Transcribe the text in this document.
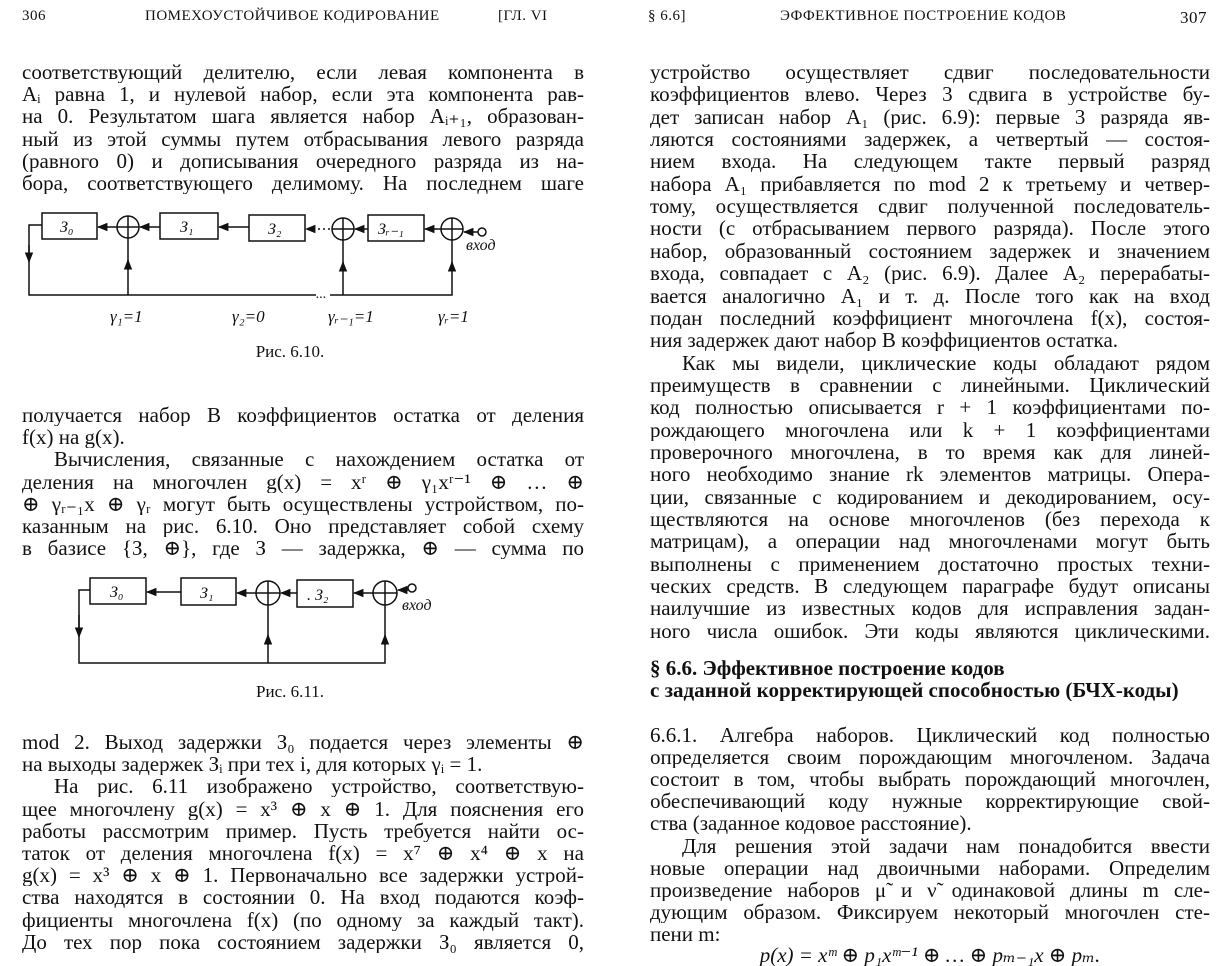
306	ПОМЕХОУСТОЙЧИВОЕ КОДИРОВАНИЕ	[ГЛ. VI
соответствующий делителю, если левая компонента в
Aᵢ равна 1, и нулевой набор, если эта компонента рав-
на 0. Результатом шага является набор Aᵢ₊₁, образован-
ный из этой суммы путем отбрасывания левого разряда
(равного 0) и дописывания очередного разряда из на-
бора, соответствующего делимому. На последнем шаге
З₀	З₁	З₂	Зᵣ₋₁
вход
...
γ₁=1	γ₂=0	γᵣ₋₁=1	γᵣ=1
Рис. 6.10.
получается набор B коэффициентов остатка от деления
f(x) на g(x).
Вычисления, связанные с нахождением остатка от
деления на многочлен g(x) = xʳ ⊕ γ₁xʳ⁻¹ ⊕ … ⊕
⊕ γᵣ₋₁x ⊕ γᵣ могут быть осуществлены устройством, по-
казанным на рис. 6.10. Оно представляет собой схему
в базисе {З, ⊕}, где З — задержка, ⊕ — сумма по
З₀	З₁	. З₂
вход
Рис. 6.11.
mod 2. Выход задержки З₀ подается через элементы ⊕
на выходы задержек Зᵢ при тех i, для которых γᵢ = 1.
На рис. 6.11 изображено устройство, соответствую-
щее многочлену g(x) = x³ ⊕ x ⊕ 1. Для пояснения его
работы рассмотрим пример. Пусть требуется найти ос-
таток от деления многочлена f(x) = x⁷ ⊕ x⁴ ⊕ x на
g(x) = x³ ⊕ x ⊕ 1. Первоначально все задержки устрой-
ства находятся в состоянии 0. На вход подаются коэф-
фициенты многочлена f(x) (по одному за каждый такт).
До тех пор пока состоянием задержки З₀ является 0,
§ 6.6]	ЭФФЕКТИВНОЕ ПОСТРОЕНИЕ КОДОВ	307
устройство осуществляет сдвиг последовательности
коэффициентов влево. Через 3 сдвига в устройстве бу-
дет записан набор A₁ (рис. 6.9): первые 3 разряда яв-
ляются состояниями задержек, а четвертый — состоя-
нием входа. На следующем такте первый разряд
набора A₁ прибавляется по mod 2 к третьему и четвер-
тому, осуществляется сдвиг полученной последователь-
ности (с отбрасыванием первого разряда). После этого
набор, образованный состоянием задержек и значением
входа, совпадает с A₂ (рис. 6.9). Далее A₂ перерабаты-
вается аналогично A₁ и т. д. После того как на вход
подан последний коэффициент многочлена f(x), состоя-
ния задержек дают набор B коэффициентов остатка.
Как мы видели, циклические коды обладают рядом
преимуществ в сравнении с линейными. Циклический
код полностью описывается r + 1 коэффициентами по-
рождающего многочлена или k + 1 коэффициентами
проверочного многочлена, в то время как для линей-
ного необходимо знание rk элементов матрицы. Опера-
ции, связанные с кодированием и декодированием, осу-
ществляются на основе многочленов (без перехода к
матрицам), а операции над многочленами могут быть
выполнены с применением достаточно простых техни-
ческих средств. В следующем параграфе будут описаны
наилучшие из известных кодов для исправления задан-
ного числа ошибок. Эти коды являются циклическими.
§ 6.6. Эффективное построение кодов
с заданной корректирующей способностью (БЧХ-коды)
6.6.1. Алгебра наборов. Циклический код полностью
определяется своим порождающим многочленом. Задача
состоит в том, чтобы выбрать порождающий многочлен,
обеспечивающий коду нужные корректирующие свой-
ства (заданное кодовое расстояние).
Для решения этой задачи нам понадобится ввести
новые операции над двоичными наборами. Определим
произведение наборов μ̃ и ν̃ одинаковой длины m сле-
дующим образом. Фиксируем некоторый многочлен сте-
пени m:
p(x) = xᵐ ⊕ p₁xᵐ⁻¹ ⊕ … ⊕ pₘ₋₁x ⊕ pₘ.
